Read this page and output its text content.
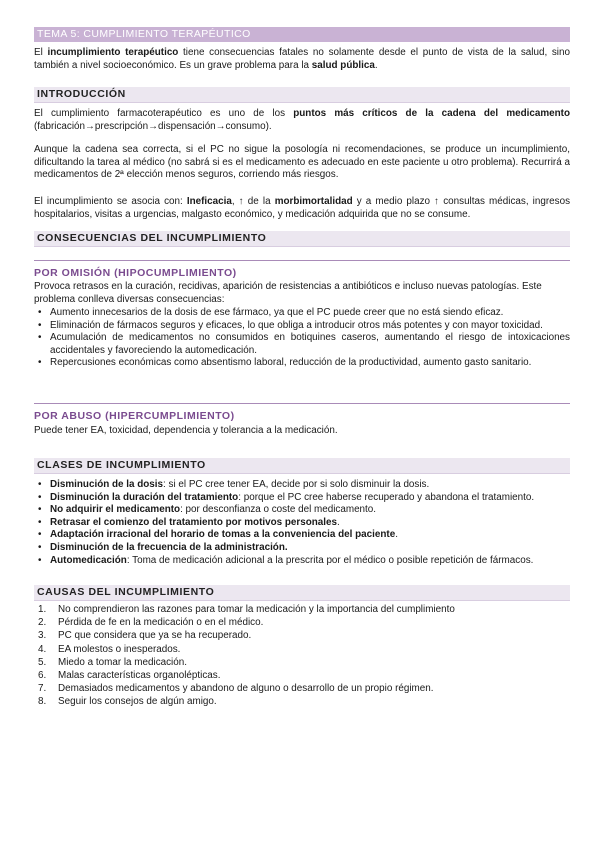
TEMA 5: CUMPLIMIENTO TERAPÉUTICO

El incumplimiento terapéutico tiene consecuencias fatales no solamente desde el punto de vista de la salud, sino también a nivel socioeconómico. Es un grave problema para la salud pública.

INTRODUCCIÓN

El cumplimiento farmacoterapéutico es uno de los puntos más críticos de la cadena del medicamento (fabricación→prescripción→dispensación→consumo).

Aunque la cadena sea correcta, si el PC no sigue la posología ni recomendaciones, se produce un incumplimiento, dificultando la tarea al médico (no sabrá si es el medicamento es adecuado en este paciente u otro problema). Recurrirá a medicamentos de 2ª elección menos seguros, corriendo más riesgos.

El incumplimiento se asocia con: Ineficacia, ↑ de la morbimortalidad y a medio plazo ↑ consultas médicas, ingresos hospitalarios, visitas a urgencias, malgasto económico, y medicación adquirida que no se consume.

CONSECUENCIAS DEL INCUMPLIMIENTO
POR OMISIÓN (HIPOCUMPLIMIENTO)

Provoca retrasos en la curación, recidivas, aparición de resistencias a antibióticos e incluso nuevas patologías. Este problema conlleva diversas consecuencias:

• Aumento innecesarios de la dosis de ese fármaco, ya que el PC puede creer que no está siendo eficaz.
• Eliminación de fármacos seguros y eficaces, lo que obliga a introducir otros más potentes y con mayor toxicidad.
• Acumulación de medicamentos no consumidos en botiquines caseros, aumentando el riesgo de intoxicaciones accidentales y favoreciendo la automedicación.
• Repercusiones económicas como absentismo laboral, reducción de la productividad, aumento gasto sanitario.
POR ABUSO (HIPERCUMPLIMIENTO)

Puede tener EA, toxicidad, dependencia y tolerancia a la medicación.

CLASES DE INCUMPLIMIENTO
• Disminución de la dosis: si el PC cree tener EA, decide por si solo disminuir la dosis.
• Disminución la duración del tratamiento: porque el PC cree haberse recuperado y abandona el tratamiento.
• No adquirir el medicamento: por desconfianza o coste del medicamento.
• Retrasar el comienzo del tratamiento por motivos personales.
• Adaptación irracional del horario de tomas a la conveniencia del paciente.
• Disminución de la frecuencia de la administración.
• Automedicación: Toma de medicación adicional a la prescrita por el médico o posible repetición de fármacos.
CAUSAS DEL INCUMPLIMIENTO
1. No comprendieron las razones para tomar la medicación y la importancia del cumplimiento
2. Pérdida de fe en la medicación o en el médico.
3. PC que considera que ya se ha recuperado.
4. EA molestos o inesperados.
5. Miedo a tomar la medicación.
6. Malas características organolépticas.
7. Demasiados medicamentos y abandono de alguno o desarrollo de un propio régimen.
8. Seguir los consejos de algún amigo.
